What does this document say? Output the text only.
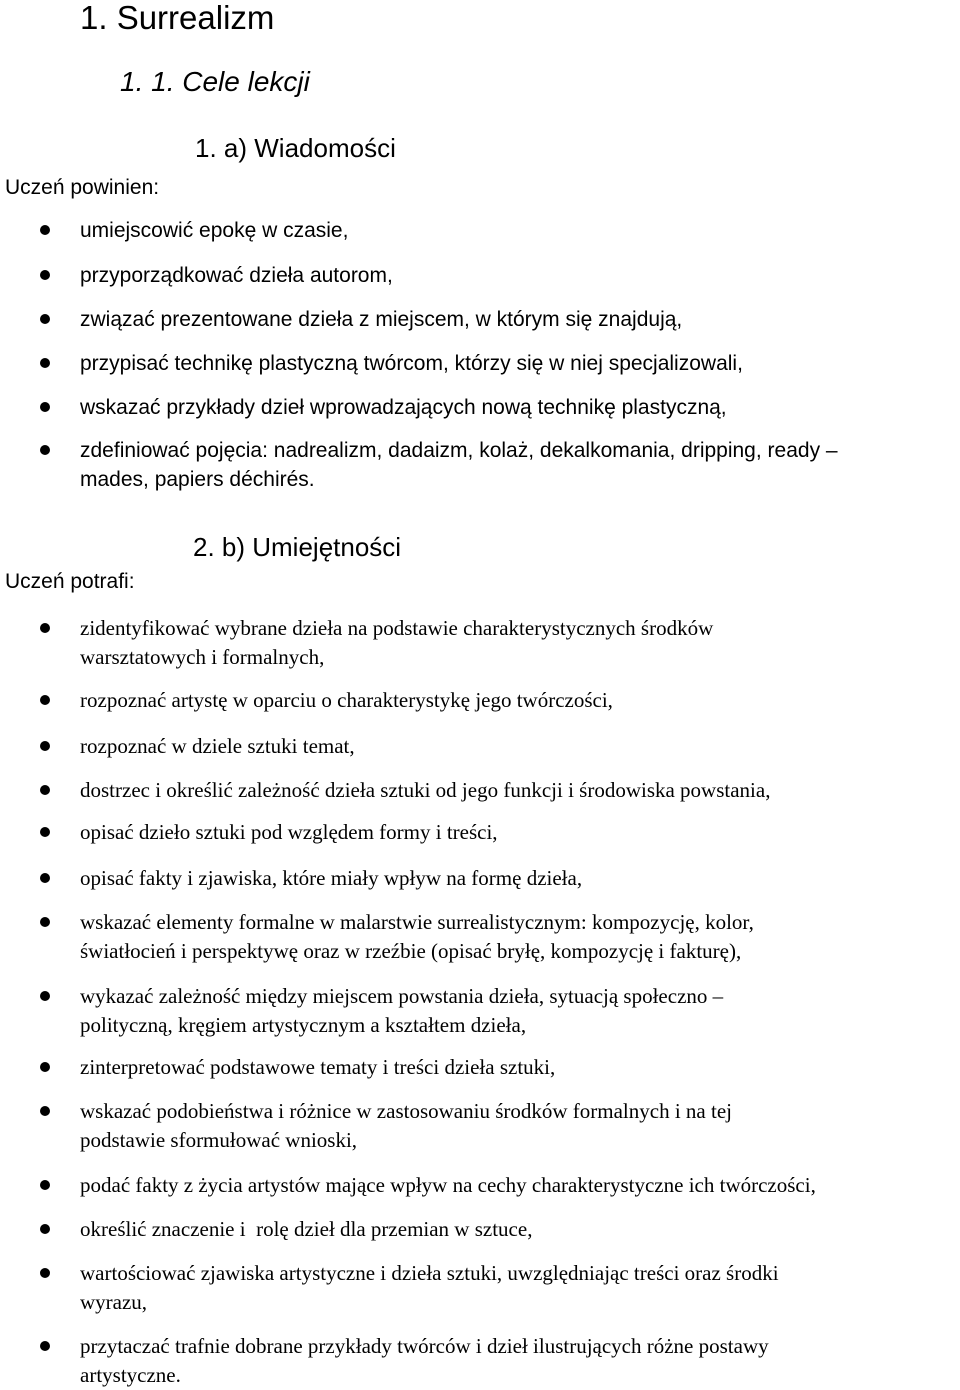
1. Surrealizm
1. 1. Cele lekcji
1. a) Wiadomości
Uczeń powinien:
umiejscowić epokę w czasie,
przyporządkować dzieła autorom,
związać prezentowane dzieła z miejscem, w którym się znajdują,
przypisać technikę plastyczną twórcom, którzy się w niej specjalizowali,
wskazać przykłady dzieł wprowadzających nową technikę plastyczną,
zdefiniować pojęcia: nadrealizm, dadaizm, kolaż, dekalkomania, dripping, ready –
mades, papiers déchirés.
2. b) Umiejętności
Uczeń potrafi:
zidentyfikować wybrane dzieła na podstawie charakterystycznych środków
warsztatowych i formalnych,
rozpoznać artystę w oparciu o charakterystykę jego twórczości,
rozpoznać w dziele sztuki temat,
dostrzec i określić zależność dzieła sztuki od jego funkcji i środowiska powstania,
opisać dzieło sztuki pod względem formy i treści,
opisać fakty i zjawiska, które miały wpływ na formę dzieła,
wskazać elementy formalne w malarstwie surrealistycznym: kompozycję, kolor,
światłocień i perspektywę oraz w rzeźbie (opisać bryłę, kompozycję i fakturę),
wykazać zależność między miejscem powstania dzieła, sytuacją społeczno –
polityczną, kręgiem artystycznym a kształtem dzieła,
zinterpretować podstawowe tematy i treści dzieła sztuki,
wskazać podobieństwa i różnice w zastosowaniu środków formalnych i na tej
podstawie sformułować wnioski,
podać fakty z życia artystów mające wpływ na cechy charakterystyczne ich twórczości,
określić znaczenie i  rolę dzieł dla przemian w sztuce,
wartościować zjawiska artystyczne i dzieła sztuki, uwzględniając treści oraz środki
wyrazu,
przytaczać trafnie dobrane przykłady twórców i dzieł ilustrujących różne postawy
artystyczne.
